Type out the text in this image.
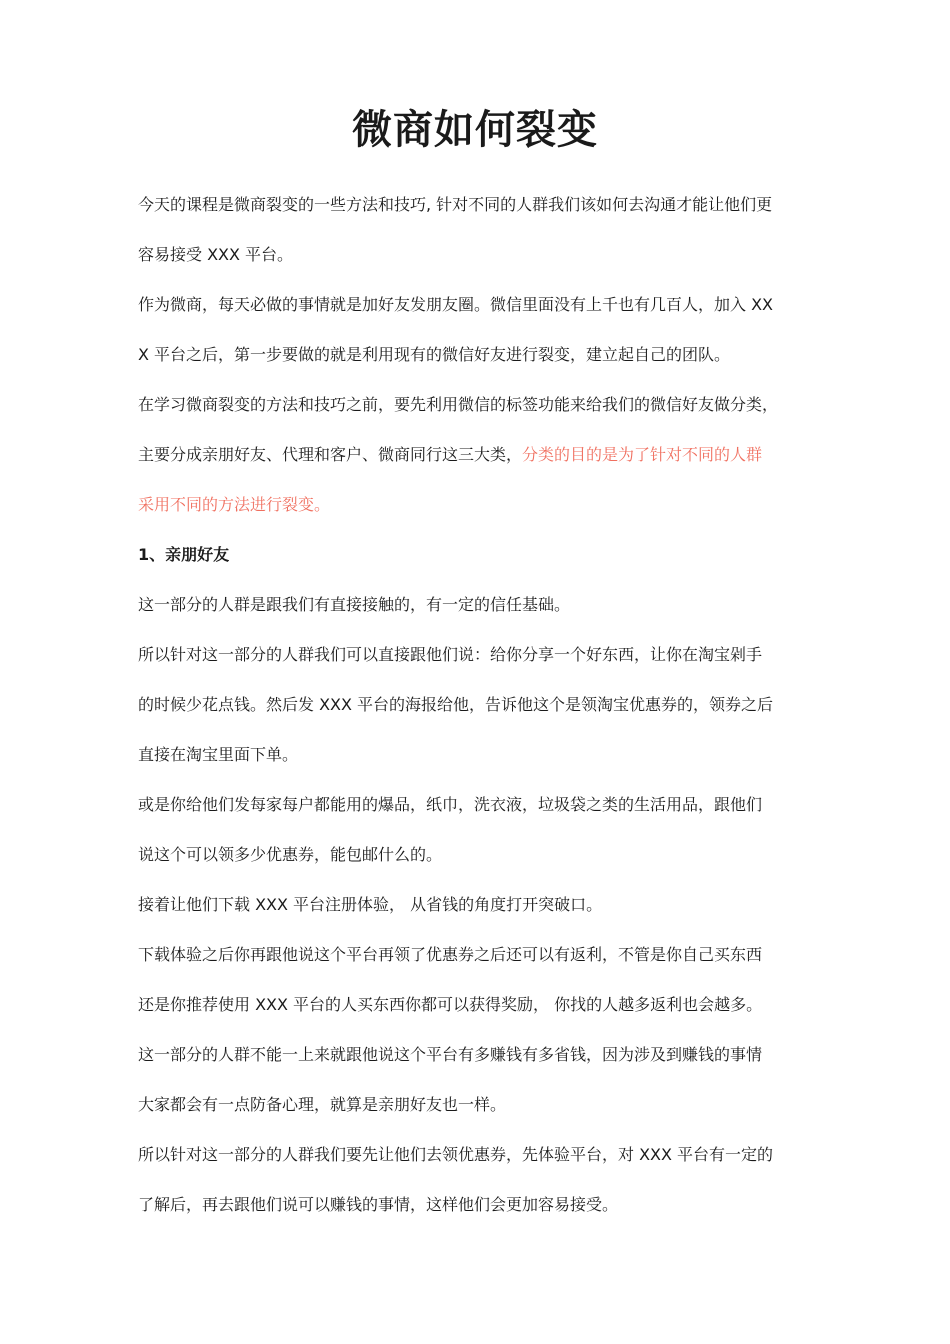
微商如何裂变
今天的课程是微商裂变的一些方法和技巧, 针对不同的人群我们该如何去沟通才能让他们更
容易接受 XXX 平台。
作为微商，每天必做的事情就是加好友发朋友圈。微信里面没有上千也有几百人，加入 XX
X 平台之后，第一步要做的就是利用现有的微信好友进行裂变，建立起自己的团队。
在学习微商裂变的方法和技巧之前，要先利用微信的标签功能来给我们的微信好友做分类，
主要分成亲朋好友、代理和客户、微商同行这三大类，分类的目的是为了针对不同的人群
采用不同的方法进行裂变。
1、亲朋好友
这一部分的人群是跟我们有直接接触的，有一定的信任基础。
所以针对这一部分的人群我们可以直接跟他们说：给你分享一个好东西，让你在淘宝剁手
的时候少花点钱。然后发 XXX 平台的海报给他，告诉他这个是领淘宝优惠券的，领券之后
直接在淘宝里面下单。
或是你给他们发每家每户都能用的爆品，纸巾，洗衣液，垃圾袋之类的生活用品，跟他们
说这个可以领多少优惠券，能包邮什么的。
接着让他们下载 XXX 平台注册体验， 从省钱的角度打开突破口。
下载体验之后你再跟他说这个平台再领了优惠券之后还可以有返利，不管是你自己买东西
还是你推荐使用 XXX 平台的人买东西你都可以获得奖励， 你找的人越多返利也会越多。
这一部分的人群不能一上来就跟他说这个平台有多赚钱有多省钱，因为涉及到赚钱的事情
大家都会有一点防备心理，就算是亲朋好友也一样。
所以针对这一部分的人群我们要先让他们去领优惠券，先体验平台，对 XXX 平台有一定的
了解后，再去跟他们说可以赚钱的事情，这样他们会更加容易接受。
